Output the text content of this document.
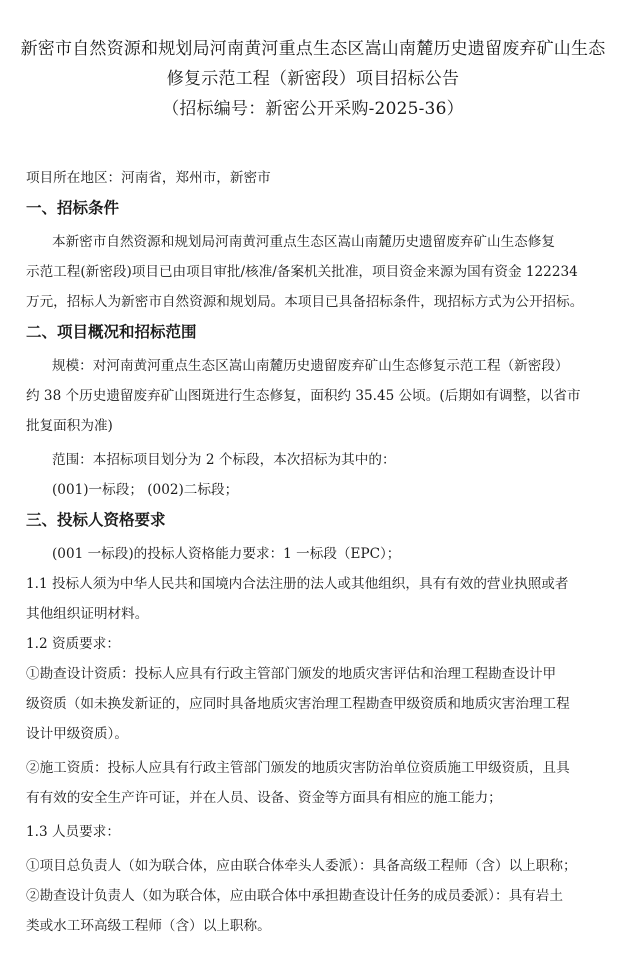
新密市自然资源和规划局河南黄河重点生态区嵩山南麓历史遗留废弃矿山生态
修复示范工程（新密段）项目招标公告
（招标编号：新密公开采购-2025-36）
项目所在地区：河南省，郑州市，新密市
一、招标条件
本新密市自然资源和规划局河南黄河重点生态区嵩山南麓历史遗留废弃矿山生态修复
示范工程(新密段)项目已由项目审批/核准/备案机关批准，项目资金来源为国有资金 122234
万元，招标人为新密市自然资源和规划局。本项目已具备招标条件，现招标方式为公开招标。
二、项目概况和招标范围
规模：对河南黄河重点生态区嵩山南麓历史遗留废弃矿山生态修复示范工程（新密段）
约 38 个历史遗留废弃矿山图斑进行生态修复，面积约 35.45 公顷。(后期如有调整，以省市
批复面积为准)
范围：本招标项目划分为 2 个标段，本次招标为其中的：
(001)一标段； (002)二标段；
三、投标人资格要求
(001 一标段)的投标人资格能力要求：1 一标段（EPC）；
1.1 投标人须为中华人民共和国境内合法注册的法人或其他组织，具有有效的营业执照或者
其他组织证明材料。
1.2 资质要求：
①勘查设计资质：投标人应具有行政主管部门颁发的地质灾害评估和治理工程勘查设计甲
级资质（如未换发新证的，应同时具备地质灾害治理工程勘查甲级资质和地质灾害治理工程
设计甲级资质）。
②施工资质：投标人应具有行政主管部门颁发的地质灾害防治单位资质施工甲级资质，且具
有有效的安全生产许可证，并在人员、设备、资金等方面具有相应的施工能力；
1.3 人员要求：
①项目总负责人（如为联合体，应由联合体牵头人委派）：具备高级工程师（含）以上职称；
②勘查设计负责人（如为联合体，应由联合体中承担勘查设计任务的成员委派）：具有岩土
类或水工环高级工程师（含）以上职称。
